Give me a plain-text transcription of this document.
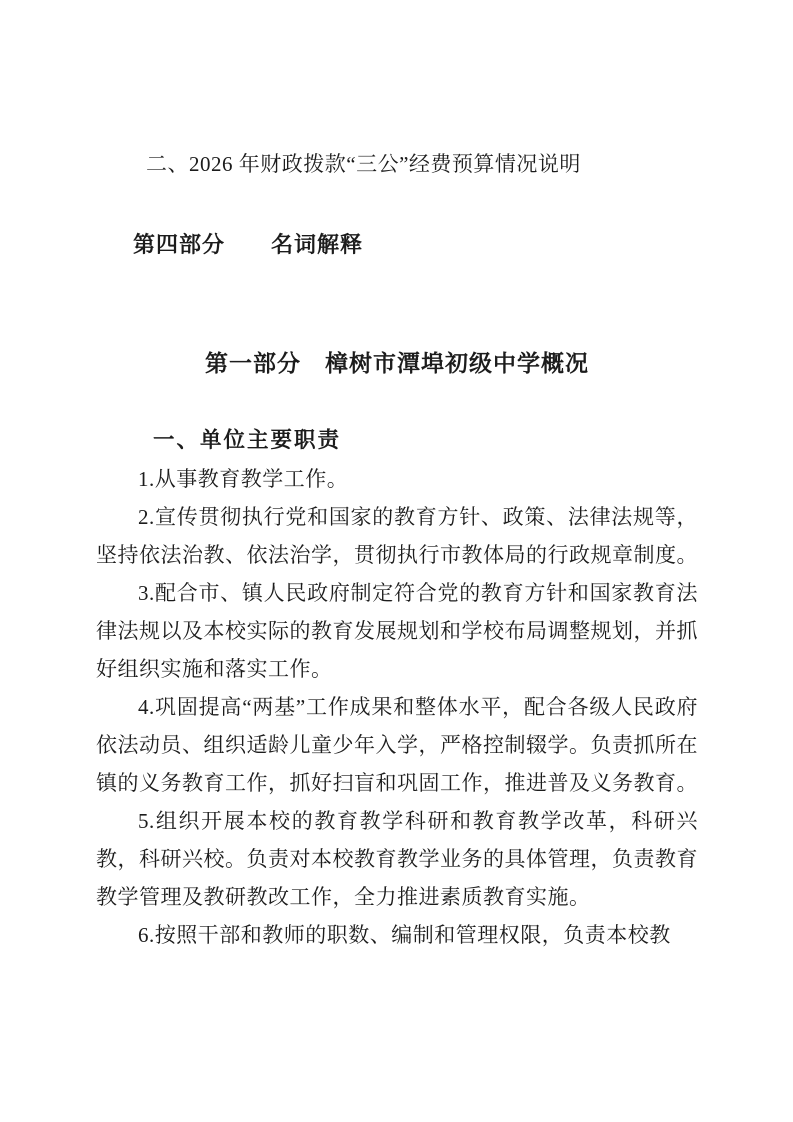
二、2026 年财政拨款“三公”经费预算情况说明

第四部分　　名词解释

第一部分　樟树市潭埠初级中学概况

一、单位主要职责

1.从事教育教学工作。

2.宣传贯彻执行党和国家的教育方针、政策、法律法规等，坚持依法治教、依法治学，贯彻执行市教体局的行政规章制度。

3.配合市、镇人民政府制定符合党的教育方针和国家教育法律法规以及本校实际的教育发展规划和学校布局调整规划，并抓好组织实施和落实工作。

4.巩固提高“两基”工作成果和整体水平，配合各级人民政府依法动员、组织适龄儿童少年入学，严格控制辍学。负责抓所在镇的义务教育工作，抓好扫盲和巩固工作，推进普及义务教育。

5.组织开展本校的教育教学科研和教育教学改革，科研兴教，科研兴校。负责对本校教育教学业务的具体管理，负责教育教学管理及教研教改工作，全力推进素质教育实施。

6.按照干部和教师的职数、编制和管理权限，负责本校教
